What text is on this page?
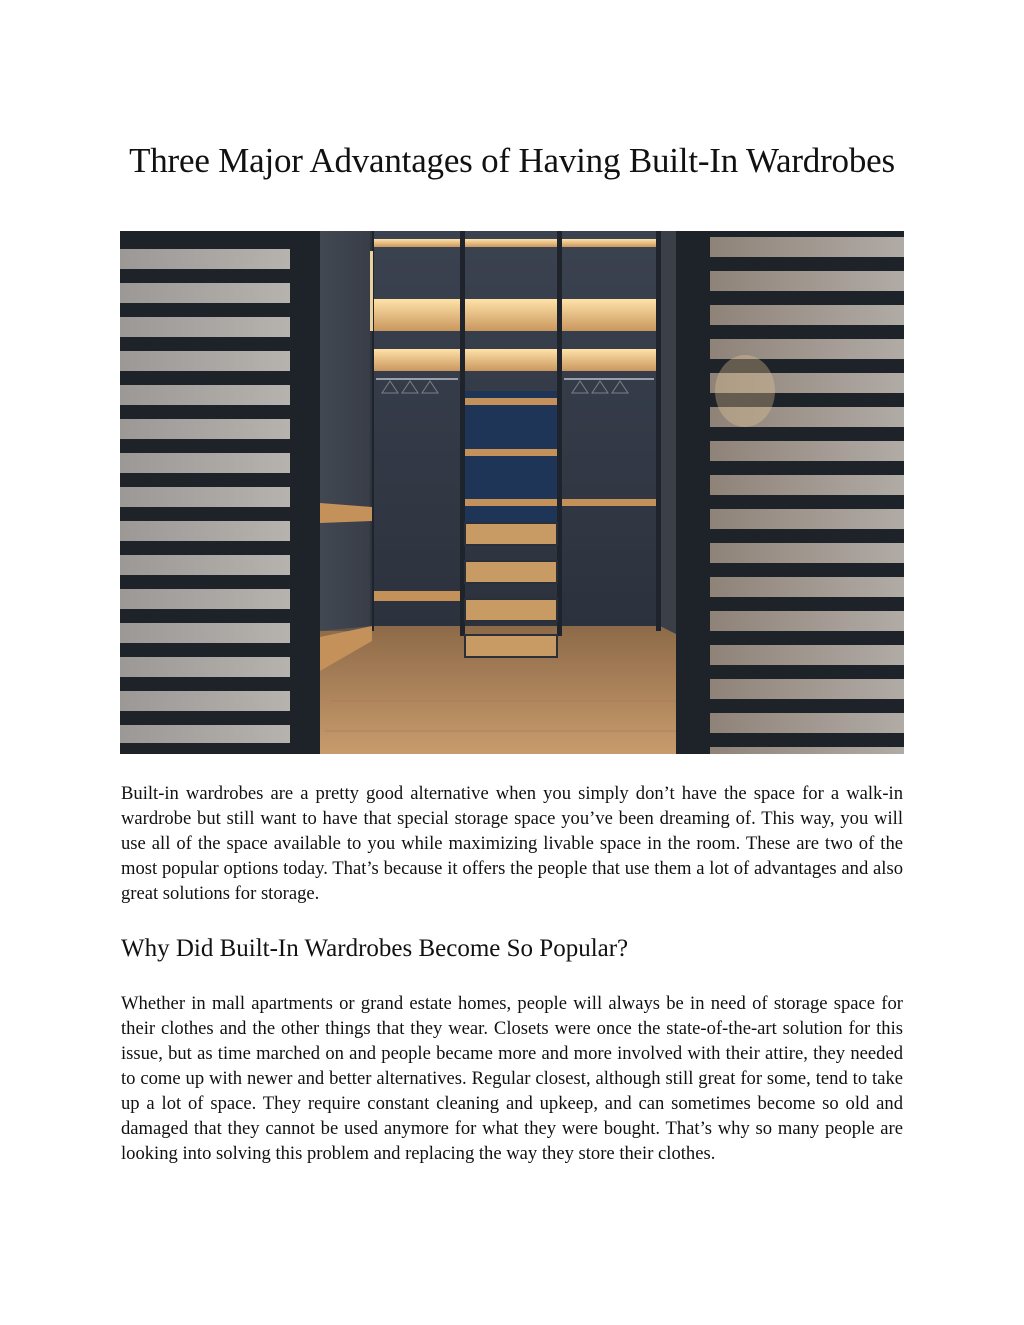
Three Major Advantages of Having Built-In Wardrobes

Built-in wardrobes are a pretty good alternative when you simply don’t have the space for a walk-in wardrobe but still want to have that special storage space you’ve been dreaming of. This way, you will use all of the space available to you while maximizing livable space in the room. These are two of the most popular options today. That’s because it offers the people that use them a lot of advantages and also great solutions for storage.

Why Did Built-In Wardrobes Become So Popular?

Whether in mall apartments or grand estate homes, people will always be in need of storage space for their clothes and the other things that they wear. Closets were once the state-of-the-art solution for this issue, but as time marched on and people became more and more involved with their attire, they needed to come up with newer and better alternatives. Regular closest, although still great for some, tend to take up a lot of space. They require constant cleaning and upkeep, and can sometimes become so old and damaged that they cannot be used anymore for what they were bought. That’s why so many people are looking into solving this problem and replacing the way they store their clothes.
